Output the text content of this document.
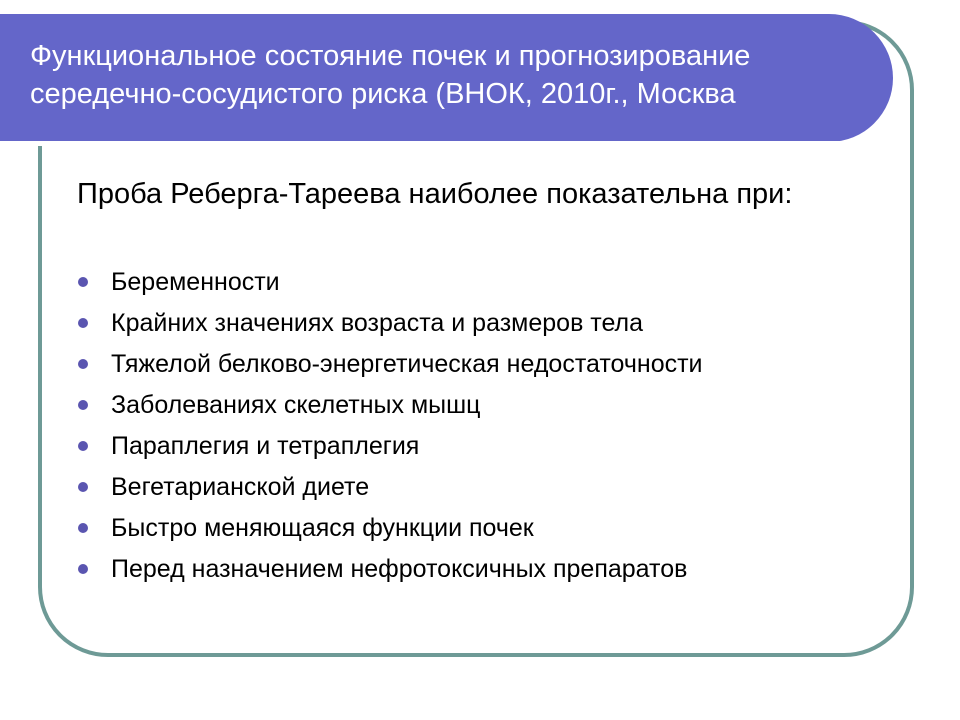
Функциональное состояние почек и прогнозирование
середечно-сосудистого риска (ВНОК, 2010г., Москва

Проба Реберга-Тареева наиболее показательна при:

Беременности
Крайних значениях возраста и размеров тела
Тяжелой белково-энергетическая недостаточности
Заболеваниях скелетных мышц
Параплегия и тетраплегия
Вегетарианской диете
Быстро меняющаяся функции почек
Перед назначением нефротоксичных препаратов
